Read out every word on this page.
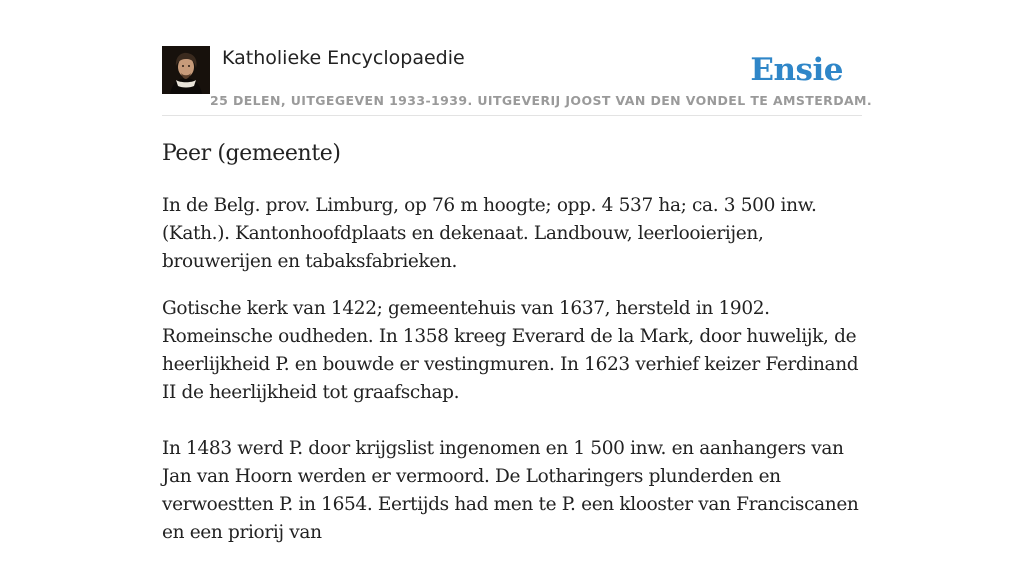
Katholieke Encyclopaedie
25 DELEN, UITGEGEVEN 1933-1939. UITGEVERIJ JOOST VAN DEN VONDEL TE AMSTERDAM.
Ensie
Peer (gemeente)

In de Belg. prov. Limburg, op 76 m hoogte; opp. 4 537 ha; ca. 3 500 inw. (Kath.). Kantonhoofdplaats en dekenaat. Landbouw, leerlooierijen, brouwerijen en tabaksfabrieken.

Gotische kerk van 1422; gemeentehuis van 1637, hersteld in 1902. Romeinsche oudheden. In 1358 kreeg Everard de la Mark, door huwelijk, de heerlijkheid P. en bouwde er vestingmuren. In 1623 verhief keizer Ferdinand II de heerlijkheid tot graafschap.

In 1483 werd P. door krijgslist ingenomen en 1 500 inw. en aanhangers van Jan van Hoorn werden er vermoord. De Lotharingers plunderden en verwoestten P. in 1654. Eertijds had men te P. een klooster van Franciscanen en een priorij van
